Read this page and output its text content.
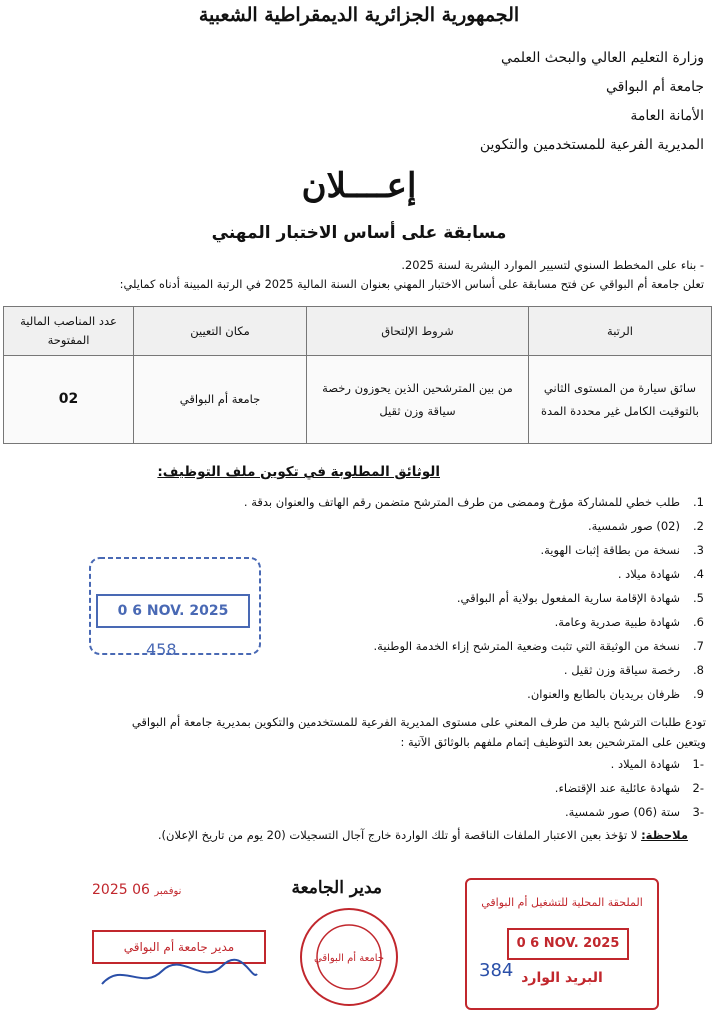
الجمهورية الجزائرية الديمقراطية الشعبية
وزارة التعليم العالي والبحث العلمي
جامعة أم البواقي
الأمانة العامة
المديرية الفرعية للمستخدمين والتكوين
إعــــلان
مسابقة على أساس الاختبار المهني

- بناء على المخطط السنوي لتسيير الموارد البشرية لسنة 2025.

تعلن جامعة أم البواقي عن فتح مسابقة على أساس الاختبار المهني بعنوان السنة المالية 2025 في الرتبة المبينة أدناه كمايلي:

الرتبة	شروط الإلتحاق	مكان التعيين	عدد المناصب المالية المفتوحة
سائق سيارة من المستوى الثاني بالتوقيت الكامل غير محددة المدة	من بين المترشحين الذين يحوزون رخصة سياقة وزن ثقيل	جامعة أم البواقي	02
الوثائق المطلوبة في تكوين ملف التوظيف:
1.طلب خطي للمشاركة مؤرخ وممضى من طرف المترشح متضمن رقم الهاتف والعنوان بدقة .
2.(02) صور شمسية.
3.نسخة من بطاقة إثبات الهوية.
4.شهادة ميلاد .
5.شهادة الإقامة سارية المفعول بولاية أم البواقي.
6.شهادة طبية صدرية وعامة.
7.نسخة من الوثيقة التي تثبت وضعية المترشح إزاء الخدمة الوطنية.
8.رخصة سياقة وزن ثقيل .
9.ظرفان بريديان بالطابع والعنوان.

تودع طلبات الترشح باليد من طرف المعني على مستوى المديرية الفرعية للمستخدمين والتكوين بمديرية جامعة أم البواقي

ويتعين على المترشحين بعد التوظيف إتمام ملفهم بالوثائق الآتية :

-1شهادة الميلاد .
-2شهادة عائلية عند الإقتضاء.
-3ستة (06) صور شمسية.
ملاحظة: لا تؤخذ بعين الاعتبار الملفات الناقصة أو تلك الواردة خارج آجال التسجيلات (20 يوم من تاريخ الإعلان).
0 6 NOV. 2025
458
مدير الجامعة
2025	نوفمبر 06
مدير جامعة أم البواقي
جامعة أم البواقي
الملحقة المحلية للتشغيل أم البواقي
0 6 NOV. 2025
البريد الوارد
384
